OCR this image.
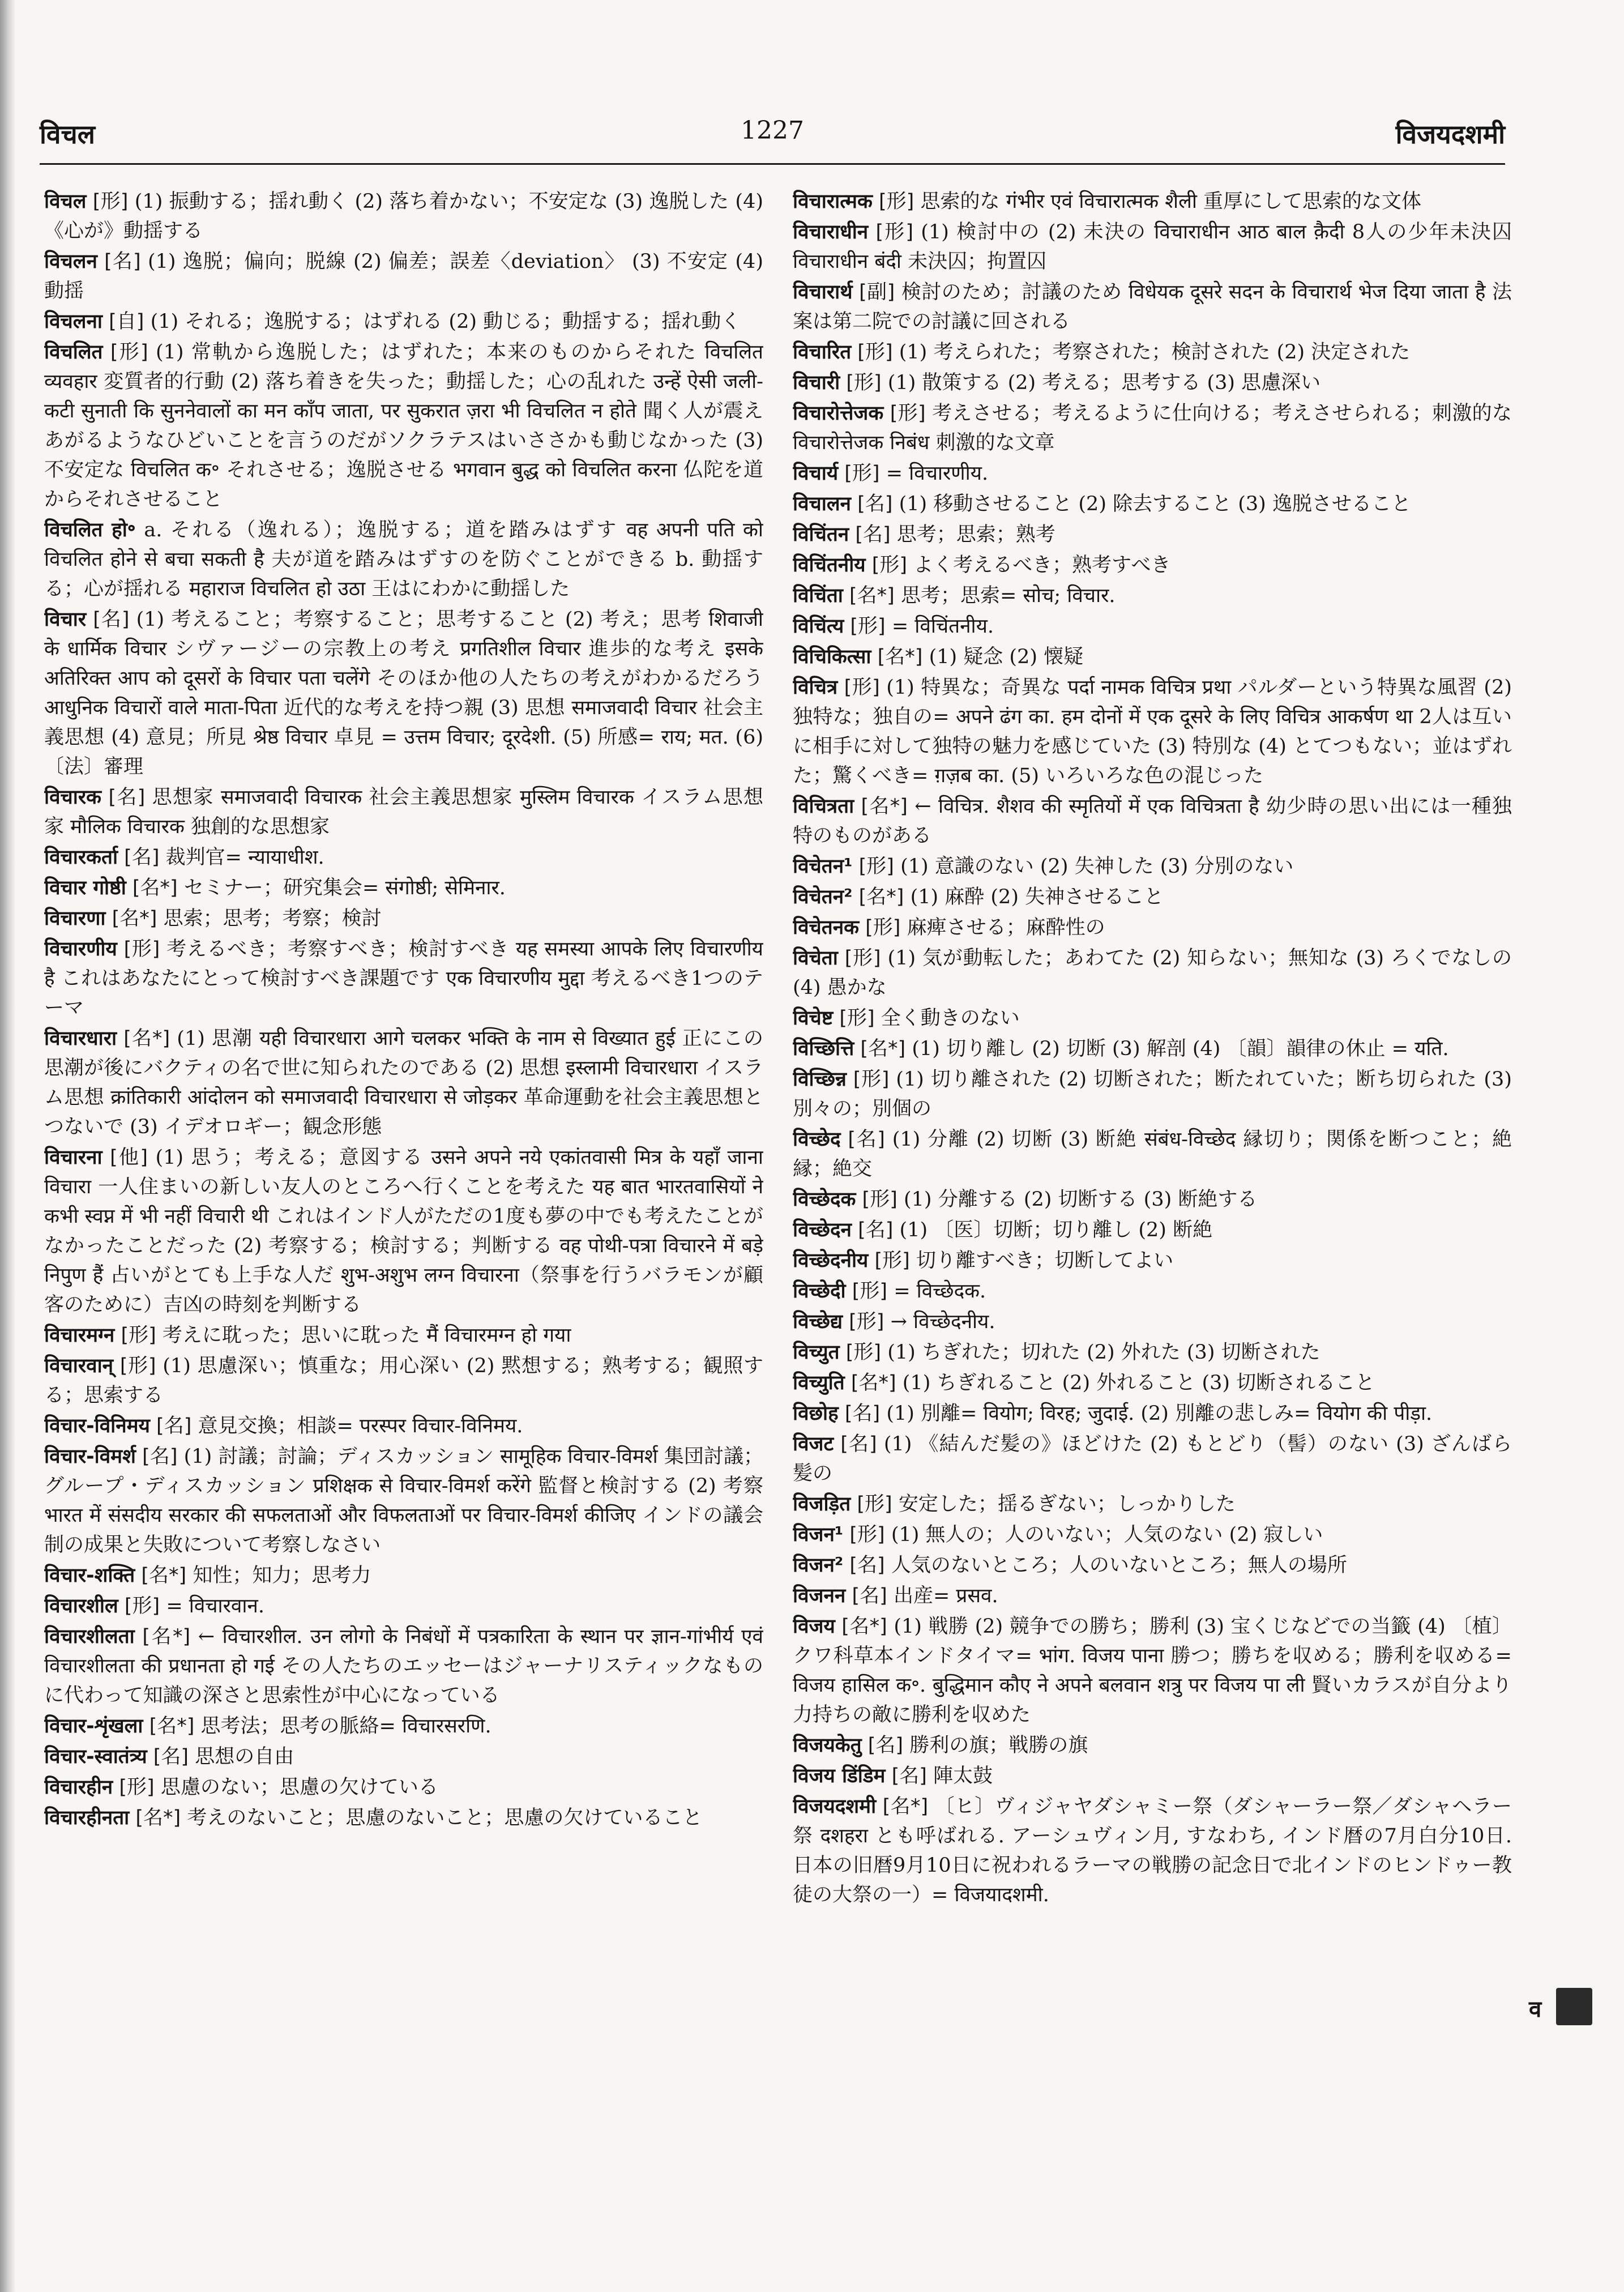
विचल	1227	विजयदशमी

विचल [形] (1) 振動する；揺れ動く (2) 落ち着かない；不安定な (3) 逸脱した (4) 《心が》動揺する

विचलन [名] (1) 逸脱；偏向；脱線 (2) 偏差；誤差〈deviation〉 (3) 不安定 (4) 動揺

विचलना [自] (1) それる；逸脱する；はずれる (2) 動じる；動揺する；揺れ動く

विचलित [形] (1) 常軌から逸脱した；はずれた；本来のものからそれた विचलित व्यवहार 変質者的行動 (2) 落ち着きを失った；動揺した；心の乱れた उन्हें ऐसी जली-कटी सुनाती कि सुननेवालों का मन काँप जाता, पर सुकरात ज़रा भी विचलित न होते 聞く人が震えあがるようなひどいことを言うのだがソクラテスはいささかも動じなかった (3) 不安定な विचलित क॰ それさせる；逸脱させる भगवान बुद्ध को विचलित करना 仏陀を道からそれさせること

विचलित हो॰ a. それる（逸れる）；逸脱する；道を踏みはずす वह अपनी पति को विचलित होने से बचा सकती है 夫が道を踏みはずすのを防ぐことができる b. 動揺する；心が揺れる महाराज विचलित हो उठा 王はにわかに動揺した

विचार [名] (1) 考えること；考察すること；思考すること (2) 考え；思考 शिवाजी के धार्मिक विचार シヴァージーの宗教上の考え प्रगतिशील विचार 進歩的な考え इसके अतिरिक्त आप को दूसरों के विचार पता चलेंगे そのほか他の人たちの考えがわかるだろう आधुनिक विचारों वाले माता-पिता 近代的な考えを持つ親 (3) 思想 समाजवादी विचार 社会主義思想 (4) 意見；所見 श्रेष्ठ विचार 卓見 = उत्तम विचार; दूरदेशी. (5) 所感= राय; मत. (6) 〔法〕審理

विचारक [名] 思想家 समाजवादी विचारक 社会主義思想家 मुस्लिम विचारक イスラム思想家 मौलिक विचारक 独創的な思想家

विचारकर्ता [名] 裁判官= न्यायाधीश.

विचार गोष्ठी [名*] セミナー；研究集会= संगोष्ठी; सेमिनार.

विचारणा [名*] 思索；思考；考察；検討

विचारणीय [形] 考えるべき；考察すべき；検討すべき यह समस्या आपके लिए विचारणीय है これはあなたにとって検討すべき課題です एक विचारणीय मुद्दा 考えるべき1つのテーマ

विचारधारा [名*] (1) 思潮 यही विचारधारा आगे चलकर भक्ति के नाम से विख्यात हुई 正にこの思潮が後にバクティの名で世に知られたのである (2) 思想 इस्लामी विचारधारा イスラム思想 क्रांतिकारी आंदोलन को समाजवादी विचारधारा से जोड़कर 革命運動を社会主義思想とつないで (3) イデオロギー；観念形態

विचारना [他] (1) 思う；考える；意図する उसने अपने नये एकांतवासी मित्र के यहाँ जाना विचारा 一人住まいの新しい友人のところへ行くことを考えた यह बात भारतवासियों ने कभी स्वप्न में भी नहीं विचारी थी これはインド人がただの1度も夢の中でも考えたことがなかったことだった (2) 考察する；検討する；判断する वह पोथी-पत्रा विचारने में बड़े निपुण हैं 占いがとても上手な人だ शुभ-अशुभ लग्न विचारना（祭事を行うバラモンが顧客のために）吉凶の時刻を判断する

विचारमग्न [形] 考えに耽った；思いに耽った मैं विचारमग्न हो गया

विचारवान् [形] (1) 思慮深い；慎重な；用心深い (2) 黙想する；熟考する；観照する；思索する

विचार-विनिमय [名] 意見交換；相談= परस्पर विचार-विनिमय.

विचार-विमर्श [名] (1) 討議；討論；ディスカッション सामूहिक विचार-विमर्श 集団討議；グループ・ディスカッション प्रशिक्षक से विचार-विमर्श करेंगे 監督と検討する (2) 考察 भारत में संसदीय सरकार की सफलताओं और विफलताओं पर विचार-विमर्श कीजिए インドの議会制の成果と失敗について考察しなさい

विचार-शक्ति [名*] 知性；知力；思考力

विचारशील [形] = विचारवान.

विचारशीलता [名*] ← विचारशील. उन लोगो के निबंधों में पत्रकारिता के स्थान पर ज्ञान-गांभीर्य एवं विचारशीलता की प्रधानता हो गई その人たちのエッセーはジャーナリスティックなものに代わって知識の深さと思索性が中心になっている

विचार-शृंखला [名*] 思考法；思考の脈絡= विचारसरणि.

विचार-स्वातंत्र्य [名] 思想の自由

विचारहीन [形] 思慮のない；思慮の欠けている

विचारहीनता [名*] 考えのないこと；思慮のないこと；思慮の欠けていること

विचारात्मक [形] 思索的な गंभीर एवं विचारात्मक शैली 重厚にして思索的な文体

विचाराधीन [形] (1) 検討中の (2) 未決の विचाराधीन आठ बाल क़ैदी 8人の少年未決囚 विचाराधीन बंदी 未決囚；拘置囚

विचारार्थ [副] 検討のため；討議のため विधेयक दूसरे सदन के विचारार्थ भेज दिया जाता है 法案は第二院での討議に回される

विचारित [形] (1) 考えられた；考察された；検討された (2) 決定された

विचारी [形] (1) 散策する (2) 考える；思考する (3) 思慮深い

विचारोत्तेजक [形] 考えさせる；考えるように仕向ける；考えさせられる；刺激的な विचारोत्तेजक निबंध 刺激的な文章

विचार्य [形] = विचारणीय.

विचालन [名] (1) 移動させること (2) 除去すること (3) 逸脱させること

विचिंतन [名] 思考；思索；熟考

विचिंतनीय [形] よく考えるべき；熟考すべき

विचिंता [名*] 思考；思索= सोच; विचार.

विचिंत्य [形] = विचिंतनीय.

विचिकित्सा [名*] (1) 疑念 (2) 懐疑

विचित्र [形] (1) 特異な；奇異な पर्दा नामक विचित्र प्रथा パルダーという特異な風習 (2) 独特な；独自の= अपने ढंग का. हम दोनों में एक दूसरे के लिए विचित्र आकर्षण था 2人は互いに相手に対して独特の魅力を感じていた (3) 特別な (4) とてつもない；並はずれた；驚くべき= ग़ज़ब का. (5) いろいろな色の混じった

विचित्रता [名*] ← विचित्र. शैशव की स्मृतियों में एक विचित्रता है 幼少時の思い出には一種独特のものがある

विचेतन¹ [形] (1) 意識のない (2) 失神した (3) 分別のない

विचेतन² [名*] (1) 麻酔 (2) 失神させること

विचेतनक [形] 麻痺させる；麻酔性の

विचेता [形] (1) 気が動転した；あわてた (2) 知らない；無知な (3) ろくでなしの (4) 愚かな

विचेष्ट [形] 全く動きのない

विच्छित्ति [名*] (1) 切り離し (2) 切断 (3) 解剖 (4) 〔韻〕韻律の休止 = यति.

विच्छिन्न [形] (1) 切り離された (2) 切断された；断たれていた；断ち切られた (3) 別々の；別個の

विच्छेद [名] (1) 分離 (2) 切断 (3) 断絶 संबंध-विच्छेद 縁切り；関係を断つこと；絶縁；絶交

विच्छेदक [形] (1) 分離する (2) 切断する (3) 断絶する

विच्छेदन [名] (1) 〔医〕切断；切り離し (2) 断絶

विच्छेदनीय [形] 切り離すべき；切断してよい

विच्छेदी [形] = विच्छेदक.

विच्छेद्य [形] → विच्छेदनीय.

विच्युत [形] (1) ちぎれた；切れた (2) 外れた (3) 切断された

विच्युति [名*] (1) ちぎれること (2) 外れること (3) 切断されること

विछोह [名] (1) 別離= वियोग; विरह; जुदाई. (2) 別離の悲しみ= वियोग की पीड़ा.

विजट [名] (1) 《結んだ髪の》ほどけた (2) もとどり（髻）のない (3) ざんばら髪の

विजड़ित [形] 安定した；揺るぎない；しっかりした

विजन¹ [形] (1) 無人の；人のいない；人気のない (2) 寂しい

विजन² [名] 人気のないところ；人のいないところ；無人の場所

विजनन [名] 出産= प्रसव.

विजय [名*] (1) 戦勝 (2) 競争での勝ち；勝利 (3) 宝くじなどでの当籤 (4) 〔植〕クワ科草本インドタイマ= भांग. विजय पाना 勝つ；勝ちを収める；勝利を収める= विजय हासिल क॰. बुद्धिमान कौए ने अपने बलवान शत्रु पर विजय पा ली 賢いカラスが自分より力持ちの敵に勝利を収めた

विजयकेतु [名] 勝利の旗；戦勝の旗

विजय डिंडिम [名] 陣太鼓

विजयदशमी [名*] 〔ヒ〕ヴィジャヤダシャミー祭（ダシャーラー祭／ダシャヘラー祭 दशहरा とも呼ばれる. アーシュヴィン月, すなわち, インド暦の7月白分10日. 日本の旧暦9月10日に祝われるラーマの戦勝の記念日で北インドのヒンドゥー教徒の大祭の一）= विजयादशमी.

व
